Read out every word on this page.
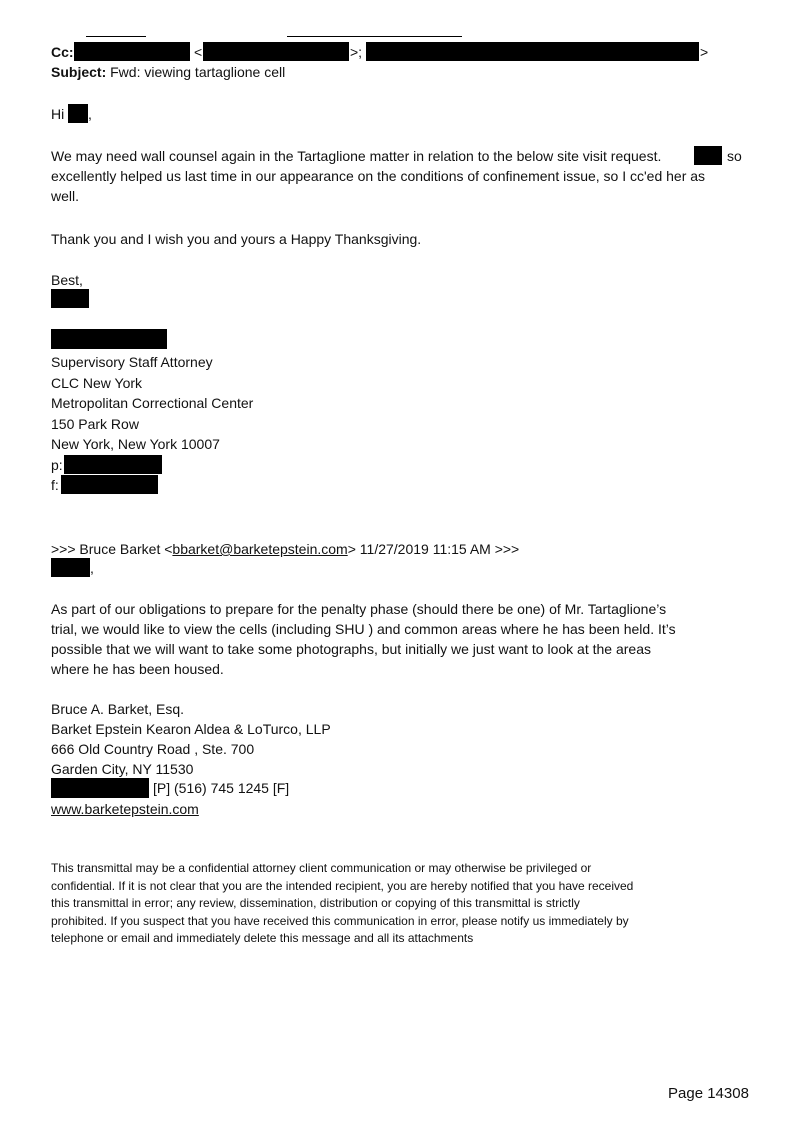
Cc:	<	>;	>
Subject: Fwd: viewing tartaglione cell
Hi ,
We may need wall counsel again in the Tartaglione matter in relation to the below site visit request.	so
excellently helped us last time in our appearance on the conditions of confinement issue, so I cc'ed her as
well.
Thank you and I wish you and yours a Happy Thanksgiving.
Best,
Supervisory Staff Attorney
CLC New York
Metropolitan Correctional Center
150 Park Row
New York, New York 10007
p:
f:
>>> Bruce Barket <bbarket@barketepstein.com> 11/27/2019 11:15 AM >>>
,
As part of our obligations to prepare for the penalty phase (should there be one) of Mr. Tartaglione’s
trial, we would like to view the cells (including SHU ) and common areas where he has been held. It’s
possible that we will want to take some photographs, but initially we just want to look at the areas
where he has been housed.
Bruce A. Barket, Esq.
Barket Epstein Kearon Aldea & LoTurco, LLP
666 Old Country Road , Ste. 700
Garden City, NY 11530
[P] (516) 745 1245 [F]
www.barketepstein.com
This transmittal may be a confidential attorney client communication or may otherwise be privileged or
confidential. If it is not clear that you are the intended recipient, you are hereby notified that you have received
this transmittal in error; any review, dissemination, distribution or copying of this transmittal is strictly
prohibited. If you suspect that you have received this communication in error, please notify us immediately by
telephone or email and immediately delete this message and all its attachments
Page 14308
